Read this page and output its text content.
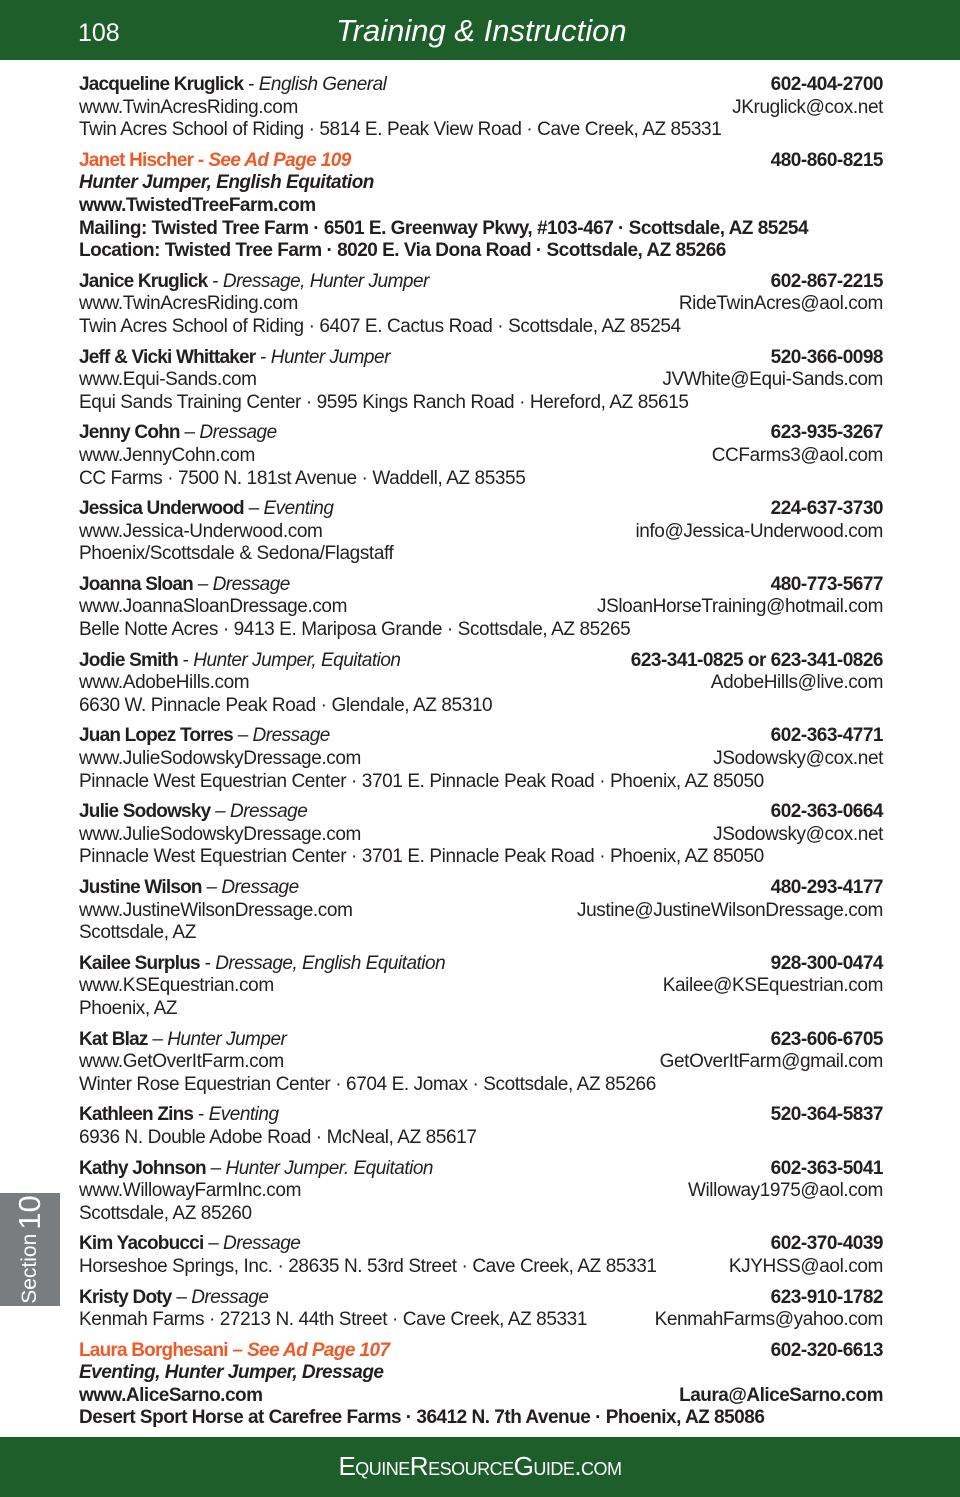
108	Training & Instruction
Jacqueline Kruglick - English General	602-404-2700
www.TwinAcresRiding.com	JKruglick@cox.net
Twin Acres School of Riding · 5814 E. Peak View Road · Cave Creek, AZ 85331
Janet Hischer - See Ad Page 109	480-860-8215
Hunter Jumper, English Equitation
www.TwistedTreeFarm.com
Mailing: Twisted Tree Farm · 6501 E. Greenway Pkwy, #103-467 · Scottsdale, AZ 85254
Location: Twisted Tree Farm · 8020 E. Via Dona Road · Scottsdale, AZ 85266
Janice Kruglick - Dressage, Hunter Jumper	602-867-2215
www.TwinAcresRiding.com	RideTwinAcres@aol.com
Twin Acres School of Riding · 6407 E. Cactus Road · Scottsdale, AZ 85254
Jeff & Vicki Whittaker - Hunter Jumper	520-366-0098
www.Equi-Sands.com	JVWhite@Equi-Sands.com
Equi Sands Training Center · 9595 Kings Ranch Road · Hereford, AZ 85615
Jenny Cohn – Dressage	623-935-3267
www.JennyCohn.com	CCFarms3@aol.com
CC Farms · 7500 N. 181st Avenue · Waddell, AZ 85355
Jessica Underwood – Eventing	224-637-3730
www.Jessica-Underwood.com	info@Jessica-Underwood.com
Phoenix/Scottsdale & Sedona/Flagstaff
Joanna Sloan – Dressage	480-773-5677
www.JoannaSloanDressage.com	JSloanHorseTraining@hotmail.com
Belle Notte Acres · 9413 E. Mariposa Grande · Scottsdale, AZ 85265
Jodie Smith - Hunter Jumper, Equitation	623-341-0825 or 623-341-0826
www.AdobeHills.com	AdobeHills@live.com
6630 W. Pinnacle Peak Road · Glendale, AZ 85310
Juan Lopez Torres – Dressage	602-363-4771
www.JulieSodowskyDressage.com	JSodowsky@cox.net
Pinnacle West Equestrian Center · 3701 E. Pinnacle Peak Road · Phoenix, AZ 85050
Julie Sodowsky – Dressage	602-363-0664
www.JulieSodowskyDressage.com	JSodowsky@cox.net
Pinnacle West Equestrian Center · 3701 E. Pinnacle Peak Road · Phoenix, AZ 85050
Justine Wilson – Dressage	480-293-4177
www.JustineWilsonDressage.com	Justine@JustineWilsonDressage.com
Scottsdale, AZ
Kailee Surplus - Dressage, English Equitation	928-300-0474
www.KSEquestrian.com	Kailee@KSEquestrian.com
Phoenix, AZ
Kat Blaz – Hunter Jumper	623-606-6705
www.GetOverItFarm.com	GetOverItFarm@gmail.com
Winter Rose Equestrian Center · 6704 E. Jomax · Scottsdale, AZ 85266
Kathleen Zins - Eventing	520-364-5837
6936 N. Double Adobe Road · McNeal, AZ 85617
Kathy Johnson – Hunter Jumper. Equitation	602-363-5041
www.WillowayFarmInc.com	Willoway1975@aol.com
Scottsdale, AZ 85260
Kim Yacobucci – Dressage	602-370-4039
Horseshoe Springs, Inc. · 28635 N. 53rd Street · Cave Creek, AZ 85331	KJYHSS@aol.com
Kristy Doty – Dressage	623-910-1782
Kenmah Farms · 27213 N. 44th Street · Cave Creek, AZ 85331	KenmahFarms@yahoo.com
Laura Borghesani – See Ad Page 107	602-320-6613
Eventing, Hunter Jumper, Dressage
www.AliceSarno.com	Laura@AliceSarno.com
Desert Sport Horse at Carefree Farms · 36412 N. 7th Avenue · Phoenix, AZ 85086
Section
10
EquineResourceGuide.com
